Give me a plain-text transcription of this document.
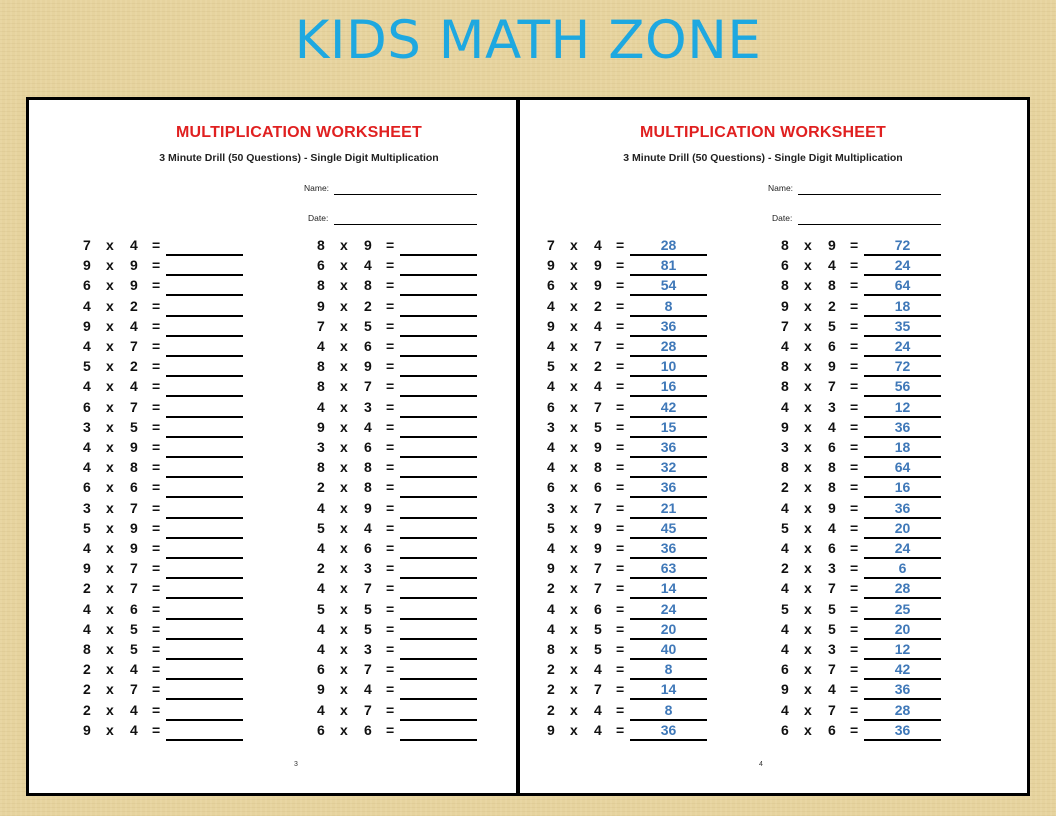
KIDS MATH ZONE
MULTIPLICATION WORKSHEET
3 Minute Drill (50 Questions) - Single Digit Multiplication
Name:
Date:
7 x 4 =
9 x 9 =
6 x 9 =
4 x 2 =
9 x 4 =
4 x 7 =
5 x 2 =
4 x 4 =
6 x 7 =
3 x 5 =
4 x 9 =
4 x 8 =
6 x 6 =
3 x 7 =
5 x 9 =
4 x 9 =
9 x 7 =
2 x 7 =
4 x 6 =
4 x 5 =
8 x 5 =
2 x 4 =
2 x 7 =
2 x 4 =
9 x 4 =
8 x 9 =
6 x 4 =
8 x 8 =
9 x 2 =
7 x 5 =
4 x 6 =
8 x 9 =
8 x 7 =
4 x 3 =
9 x 4 =
3 x 6 =
8 x 8 =
2 x 8 =
4 x 9 =
5 x 4 =
4 x 6 =
2 x 3 =
4 x 7 =
5 x 5 =
4 x 5 =
4 x 3 =
6 x 7 =
9 x 4 =
4 x 7 =
6 x 6 =
3
MULTIPLICATION WORKSHEET
3 Minute Drill (50 Questions) - Single Digit Multiplication
Name:
Date:
7 x 4 =	28
9 x 9 =	81
6 x 9 =	54
4 x 2 =	8
9 x 4 =	36
4 x 7 =	28
5 x 2 =	10
4 x 4 =	16
6 x 7 =	42
3 x 5 =	15
4 x 9 =	36
4 x 8 =	32
6 x 6 =	36
3 x 7 =	21
5 x 9 =	45
4 x 9 =	36
9 x 7 =	63
2 x 7 =	14
4 x 6 =	24
4 x 5 =	20
8 x 5 =	40
2 x 4 =	8
2 x 7 =	14
2 x 4 =	8
9 x 4 =	36
8 x 9 =	72
6 x 4 =	24
8 x 8 =	64
9 x 2 =	18
7 x 5 =	35
4 x 6 =	24
8 x 9 =	72
8 x 7 =	56
4 x 3 =	12
9 x 4 =	36
3 x 6 =	18
8 x 8 =	64
2 x 8 =	16
4 x 9 =	36
5 x 4 =	20
4 x 6 =	24
2 x 3 =	6
4 x 7 =	28
5 x 5 =	25
4 x 5 =	20
4 x 3 =	12
6 x 7 =	42
9 x 4 =	36
4 x 7 =	28
6 x 6 =	36
4
